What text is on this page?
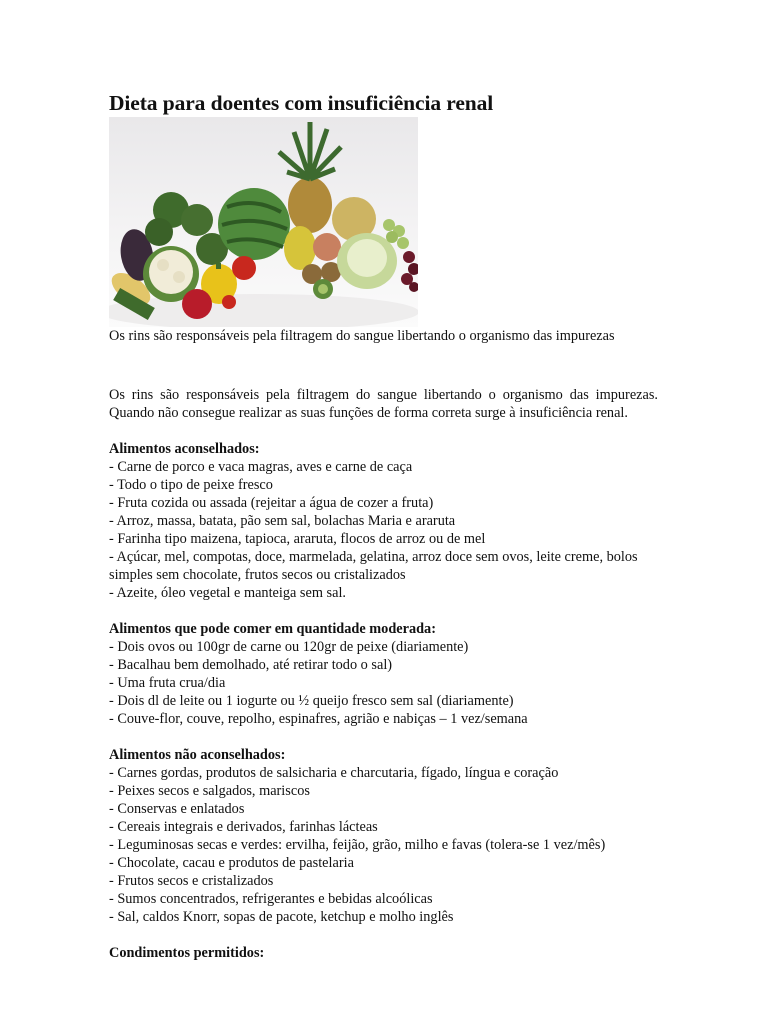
Dieta para doentes com insuficiência renal
Os rins são responsáveis pela filtragem do sangue libertando o organismo das impurezas

Os rins são responsáveis pela filtragem do sangue libertando o organismo das impurezas. Quando não consegue realizar as suas funções de forma correta surge à insuficiência renal.

Alimentos aconselhados:
- Carne de porco e vaca magras, aves e carne de caça
- Todo o tipo de peixe fresco
- Fruta cozida ou assada (rejeitar a água de cozer a fruta)
- Arroz, massa, batata, pão sem sal, bolachas Maria e araruta
- Farinha tipo maizena, tapioca, araruta, flocos de arroz ou de mel
- Açúcar, mel, compotas, doce, marmelada, gelatina, arroz doce sem ovos, leite creme, bolos simples sem chocolate, frutos secos ou cristalizados
- Azeite, óleo vegetal e manteiga sem sal.
Alimentos que pode comer em quantidade moderada:
- Dois ovos ou 100gr de carne ou 120gr de peixe (diariamente)
- Bacalhau bem demolhado, até retirar todo o sal)
- Uma fruta crua/dia
- Dois dl de leite ou 1 iogurte ou ½ queijo fresco sem sal (diariamente)
- Couve-flor, couve, repolho, espinafres, agrião e nabiças – 1 vez/semana
Alimentos não aconselhados:
- Carnes gordas, produtos de salsicharia e charcutaria, fígado, língua e coração
- Peixes secos e salgados, mariscos
- Conservas e enlatados
- Cereais integrais e derivados, farinhas lácteas
- Leguminosas secas e verdes: ervilha, feijão, grão, milho e favas (tolera-se 1 vez/mês)
- Chocolate, cacau e produtos de pastelaria
- Frutos secos e cristalizados
- Sumos concentrados, refrigerantes e bebidas alcoólicas
- Sal, caldos Knorr, sopas de pacote, ketchup e molho inglês
Condimentos permitidos:
